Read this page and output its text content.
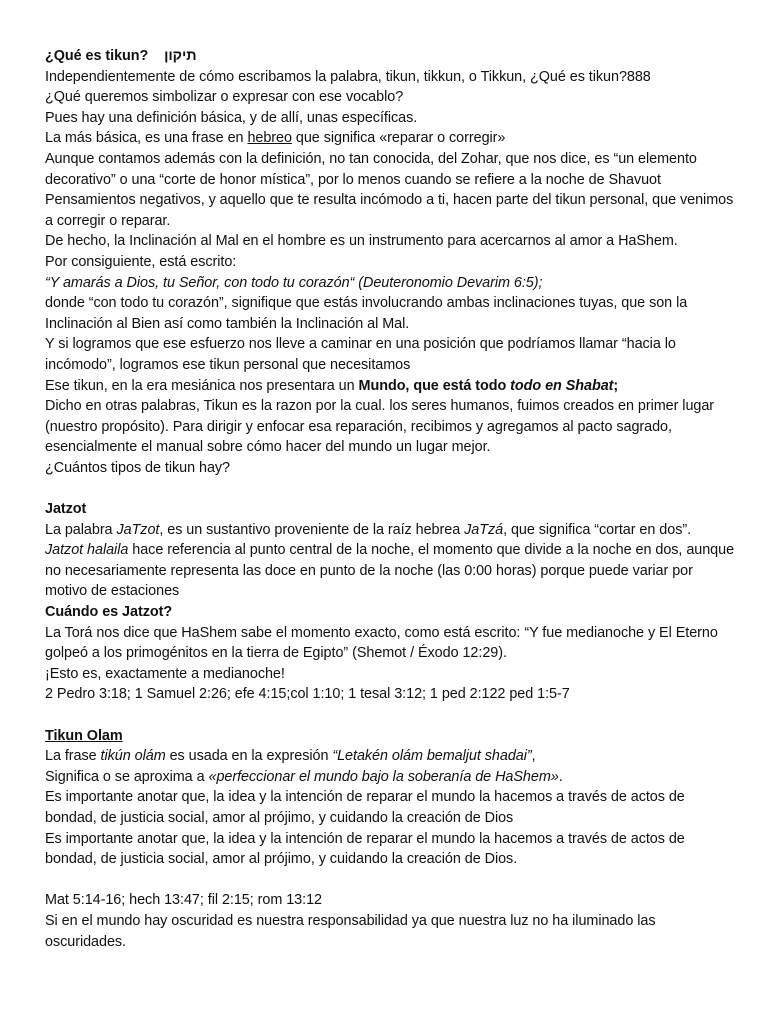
¿Qué es tikun? תיקון

Independientemente de cómo escribamos la palabra, tikun, tikkun, o Tikkun, ¿Qué es tikun?888

¿Qué queremos simbolizar o expresar con ese vocablo?

Pues hay una definición básica, y de allí, unas específicas.

La más básica, es una frase en hebreo que significa «reparar o corregir»

Aunque contamos además con la definición, no tan conocida, del Zohar, que nos dice, es “un elemento decorativo” o una “corte de honor mística”, por lo menos cuando se refiere a la noche de Shavuot

Pensamientos negativos, y aquello que te resulta incómodo a ti, hacen parte del tikun personal, que venimos a corregir o reparar.

De hecho, la Inclinación al Mal en el hombre es un instrumento para acercarnos al amor a HaShem.

Por consiguiente, está escrito:

“Y amarás a Dios, tu Señor, con todo tu corazón“ (Deuteronomio Devarim 6:5);

donde “con todo tu corazón”, signifique que estás involucrando ambas inclinaciones tuyas, que son la Inclinación al Bien así como también la Inclinación al Mal.

Y si logramos que ese esfuerzo nos lleve a caminar en una posición que podríamos llamar “hacia lo incómodo”, logramos ese tikun personal que necesitamos

Ese tikun, en la era mesiánica nos presentara un Mundo, que está todo todo en Shabat;

Dicho en otras palabras, Tikun es la razon por la cual. los seres humanos, fuimos creados en primer lugar (nuestro propósito). Para dirigir y enfocar esa reparación, recibimos y agregamos al pacto sagrado, esencialmente el manual sobre cómo hacer del mundo un lugar mejor.

¿Cuántos tipos de tikun hay?

Jatzot

La palabra JaTzot, es un sustantivo proveniente de la raíz hebrea JaTzá, que significa “cortar en dos”.

Jatzot halaila hace referencia al punto central de la noche, el momento que divide a la noche en dos, aunque no necesariamente representa las doce en punto de la noche (las 0:00 horas) porque puede variar por motivo de estaciones

Cuándo es Jatzot?

La Torá nos dice que HaShem sabe el momento exacto, como está escrito: “Y fue medianoche y El Eterno golpeó a los primogénitos en la tierra de Egipto” (Shemot / Éxodo 12:29).

¡Esto es, exactamente a medianoche!

2 Pedro 3:18; 1 Samuel 2:26; efe 4:15;col 1:10; 1 tesal 3:12; 1 ped 2:122 ped 1:5-7

Tikun Olam

La frase tikún olám es usada en la expresión “Letakén olám bemaljut shadai”,

Significa o se aproxima a «perfeccionar el mundo bajo la soberanía de HaShem».

Es importante anotar que, la idea y la intención de reparar el mundo la hacemos a través de actos de bondad, de justicia social, amor al prójimo, y cuidando la creación de Dios

Es importante anotar que, la idea y la intención de reparar el mundo la hacemos a través de actos de bondad, de justicia social, amor al prójimo, y cuidando la creación de Dios.

Mat 5:14-16; hech 13:47; fil 2:15; rom 13:12

Si en el mundo hay oscuridad es nuestra responsabilidad ya que nuestra luz no ha iluminado las oscuridades.
